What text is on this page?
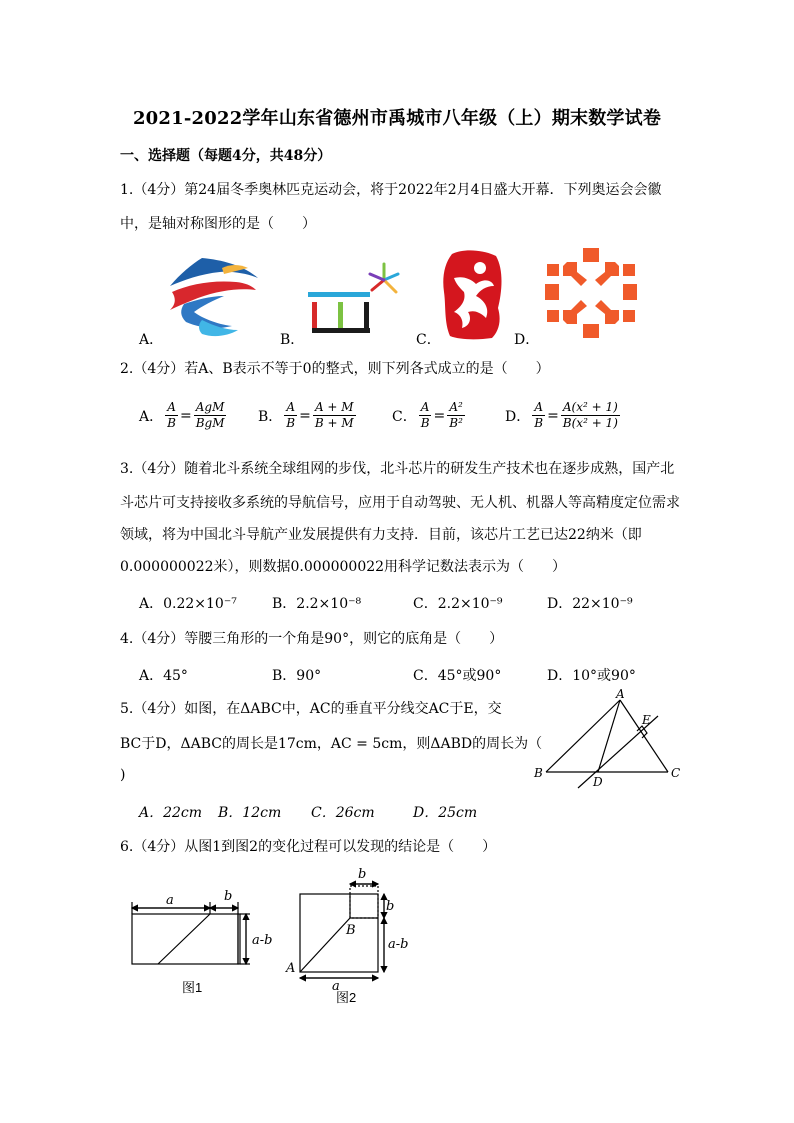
2021-2022学年山东省德州市禹城市八年级（上）期末数学试卷
一、选择题（每题4分，共48分）
1.（4分）第24届冬季奥林匹克运动会，将于2022年2月4日盛大开幕．下列奥运会会徽
中，是轴对称图形的是（　　）
A．	B．	C．	D．
2.（4分）若A、B表示不等于0的整式，则下列各式成立的是（　　）
A． $\frac{A}{B} = \frac{\text{AgM}}{\text{BgM}}$ B． $\frac{A}{B} = \frac{A + M}{B + M}$	C． $\frac{A}{B} = \frac{\text{A²}}{\text{B²}}$	D． $\frac{A}{B} = \frac{\text{A(x² + 1)}}{\text{B(x² + 1)}}$
3.（4分）随着北斗系统全球组网的步伐，北斗芯片的研发生产技术也在逐步成熟，国产北
斗芯片可支持接收多系统的导航信号，应用于自动驾驶、无人机、机器人等高精度定位需求
领域，将为中国北斗导航产业发展提供有力支持．目前，该芯片工艺已达22纳米（即
0.000000022米），则数据0.000000022用科学记数法表示为（　　）
A．0.22×10⁻⁷	B．2.2×10⁻⁸	C．2.2×10⁻⁹	D．22×10⁻⁹
4.（4分）等腰三角形的一个角是90°，则它的底角是（　　）
A．45°	B．90°	C．45°或90°	D．10°或90°
5.（4分）如图，在ΔABC中，AC的垂直平分线交AC于E，交
BC于D，ΔABC的周长是17cm，AC = 5cm，则ΔABD的周长为（
)
A
B	C
D
E
A．22cm B．12cm C．26cm	D．25cm
6.（4分）从图1到图2的变化过程可以发现的结论是（　　）
a	b
a-b
图1
b
b
a-b
a
A
B
图2
